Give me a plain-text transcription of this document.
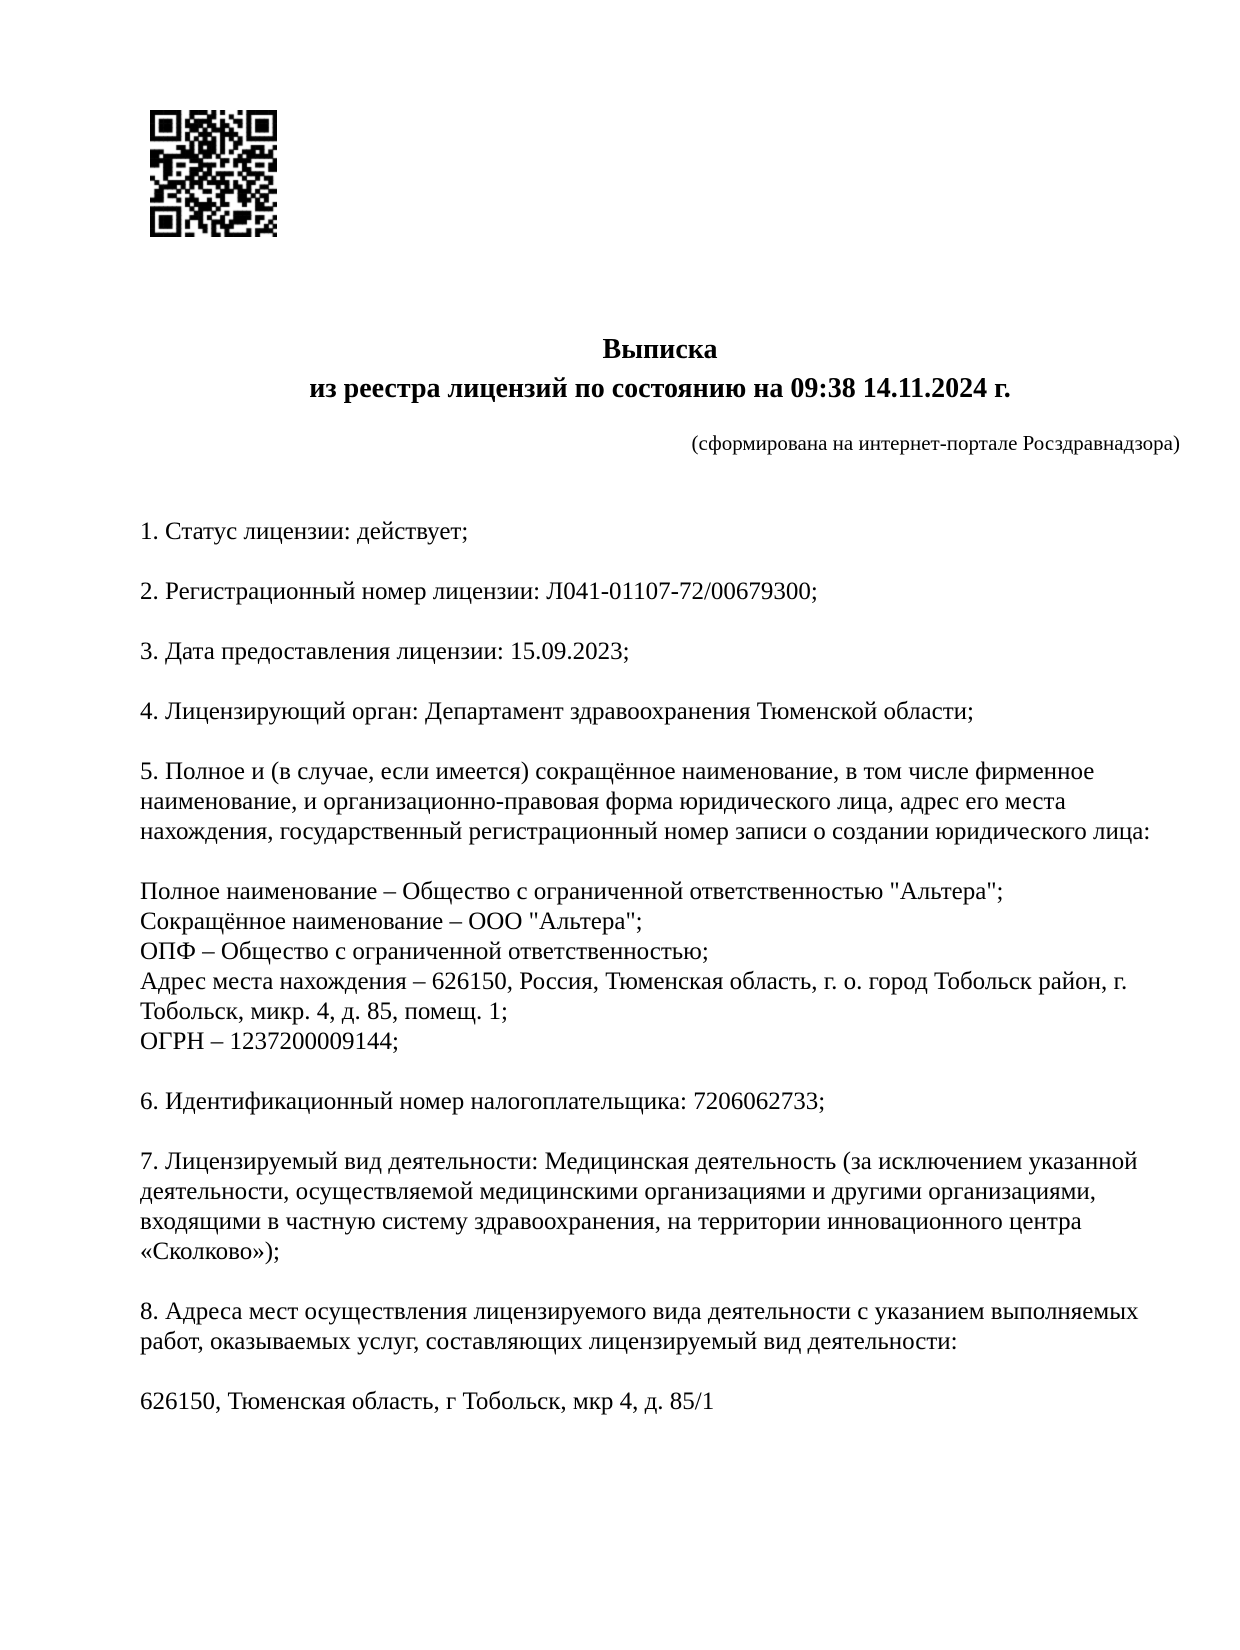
Выписка
из реестра лицензий по состоянию на 09:38 14.11.2024 г.
(сформирована на интернет-портале Росздравнадзора)
1. Статус лицензии: действует;
2. Регистрационный номер лицензии: Л041-01107-72/00679300;
3. Дата предоставления лицензии: 15.09.2023;
4. Лицензирующий орган: Департамент здравоохранения Тюменской области;
5. Полное и (в случае, если имеется) сокращённое наименование, в том числе фирменное
наименование, и организационно-правовая форма юридического лица, адрес его места
нахождения, государственный регистрационный номер записи о создании юридического лица:
Полное наименование – Общество с ограниченной ответственностью "Альтера";
Сокращённое наименование – ООО "Альтера";
ОПФ – Общество с ограниченной ответственностью;
Адрес места нахождения – 626150, Россия, Тюменская область, г. о. город Тобольск район, г.
Тобольск, микр. 4, д. 85, помещ. 1;
ОГРН – 1237200009144;
6. Идентификационный номер налогоплательщика: 7206062733;
7. Лицензируемый вид деятельности: Медицинская деятельность (за исключением указанной
деятельности, осуществляемой медицинскими организациями и другими организациями,
входящими в частную систему здравоохранения, на территории инновационного центра
«Сколково»);
8. Адреса мест осуществления лицензируемого вида деятельности с указанием выполняемых
работ, оказываемых услуг, составляющих лицензируемый вид деятельности:
626150, Тюменская область, г Тобольск, мкр 4, д. 85/1
